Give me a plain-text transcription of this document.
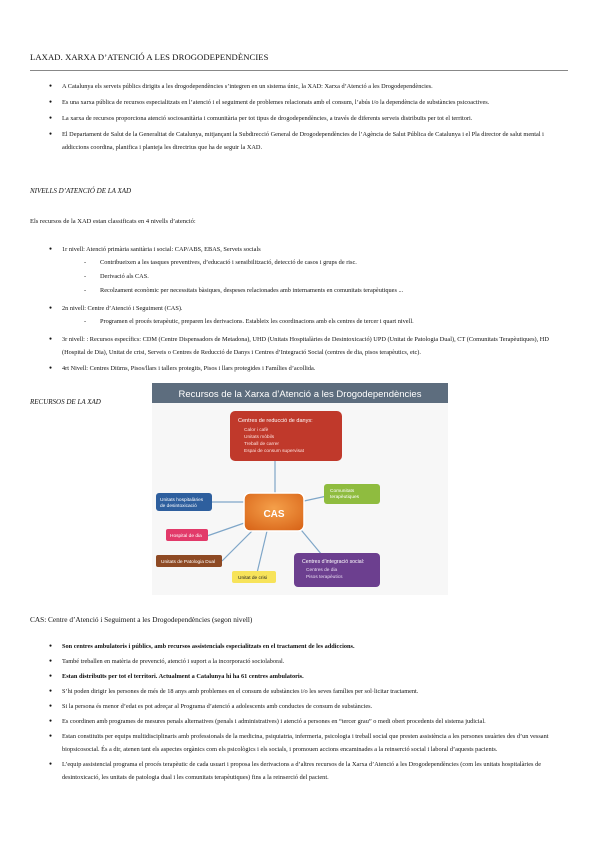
LAXAD. XARXA D’ATENCIÓ A LES DROGODEPENDÈNCIES
● A Catalunya els serveis públics dirigits a les drogodependències s’integren en un sistema únic, la XAD: Xarxa d’Atenció a les Drogodependències.
● Es una xarxa pública de recursos especialitzats en l’atenció i el seguiment de problemes relacionats amb el consum, l’abús i/o la dependència de substàncies psicoactives.
● La xarxa de recursos proporciona atenció sociosanitària i comunitària per tot tipus de drogodependències, a través de diferents serveis distribuïts per tot el territori.
● El Departament de Salut de la Generalitat de Catalunya, mitjançant la Subdirecció General de Drogodependències de l’Agència de Salut Pública de Catalunya i el Pla director de salut mental i addiccions coordina, planifica i planteja les directrius que ha de seguir la XAD.
NIVELLS D’ATENCIÓ DE LA XAD
Els recursos de la XAD estan classificats en 4 nivells d’atenció:
● 1r nivell: Atenció primària sanitària i social: CAP/ABS, EBAS, Serveis socials
- Contribueixen a les tasques preventives, d’educació i sensibilització, detecció de casos i grups de risc.
- Derivació als CAS.
- Recolzament econòmic per necessitats bàsiques, despeses relacionades amb internaments en comunitats terapèutiques ...
● 2n nivell: Centre d’Atenció i Seguiment (CAS).
- Programen el procés terapèutic, preparen les derivacions. Estableix les coordinacions amb els centres de tercer i quart nivell.
● 3r nivell: : Recursos específics: CDM (Centre Dispensadors de Metadona), UHD (Unitats Hospitalàries de Desintoxicació) UPD (Unitat de Patologia Dual), CT (Comunitats Terapèutiques), HD (Hospital de Dia), Unitat de crisi, Serveis o Centres de Reducció de Danys i Centres d’Integració Social (centres de dia, pisos terapèutics, etc).
● 4rt Nivell: Centres Diürns, Pisos/llars i tallers protegits, Pisos i llars protegides i Famílies d’acollida.
RECURSOS DE LA XAD
Recursos de la Xarxa d’Atenció a les Drogodependències
Centres de reducció de danys:
Calor i cafè
Unitats mòbils
Treball de carrer
Espai de consum supervisat
CAS
Unitats hospitalàries de desintoxicació
Hospital de dia
Unitats de Patologia Dual
Unitat de crisi
Comunitats terapèutiques
Centres d’integració social:
Centres de dia
Pisos terapèutics
CAS: Centre d’Atenció i Seguiment a les Drogodependències (segon nivell)
● Son centres ambulatoris i públics, amb recursos assistencials especialitzats en el tractament de les addiccions.
● També treballen en matèria de prevenció, atenció i suport a la incorporació sociolaboral.
● Estan distribuïts per tot el territori. Actualment a Catalunya hi ha 61 centres ambulatoris.
● S’hi poden dirigir les persones de més de 18 anys amb problemes en el consum de substàncies i/o les seves famílies per sol·licitar tractament.
● Si la persona és menor d’edat es pot adreçar al Programa d’atenció a adolescents amb conductes de consum de substàncies.
● Es coordinen amb programes de mesures penals alternatives (penals i administratives) i atenció a persones en “tercer grau” o medi obert procedents del sistema judicial.
● Estan constituïts per equips multidisciplinaris amb professionals de la medicina, psiquiatria, infermeria, psicologia i treball social que presten assistència a les persones usuàries des d’un vessant biopsicosocial. És a dir, atenen tant els aspectes orgànics com els psicològics i els socials, i promouen accions encaminades a la reinserció social i laboral d’aquests pacients.
● L’equip assistencial programa el procés terapèutic de cada usuari i proposa les derivacions a d’altres recursos de la Xarxa d’Atenció a les Drogodependències (com les unitats hospitalàries de desintoxicació, les unitats de patologia dual i les comunitats terapèutiques) fins a la reinserció del pacient.
